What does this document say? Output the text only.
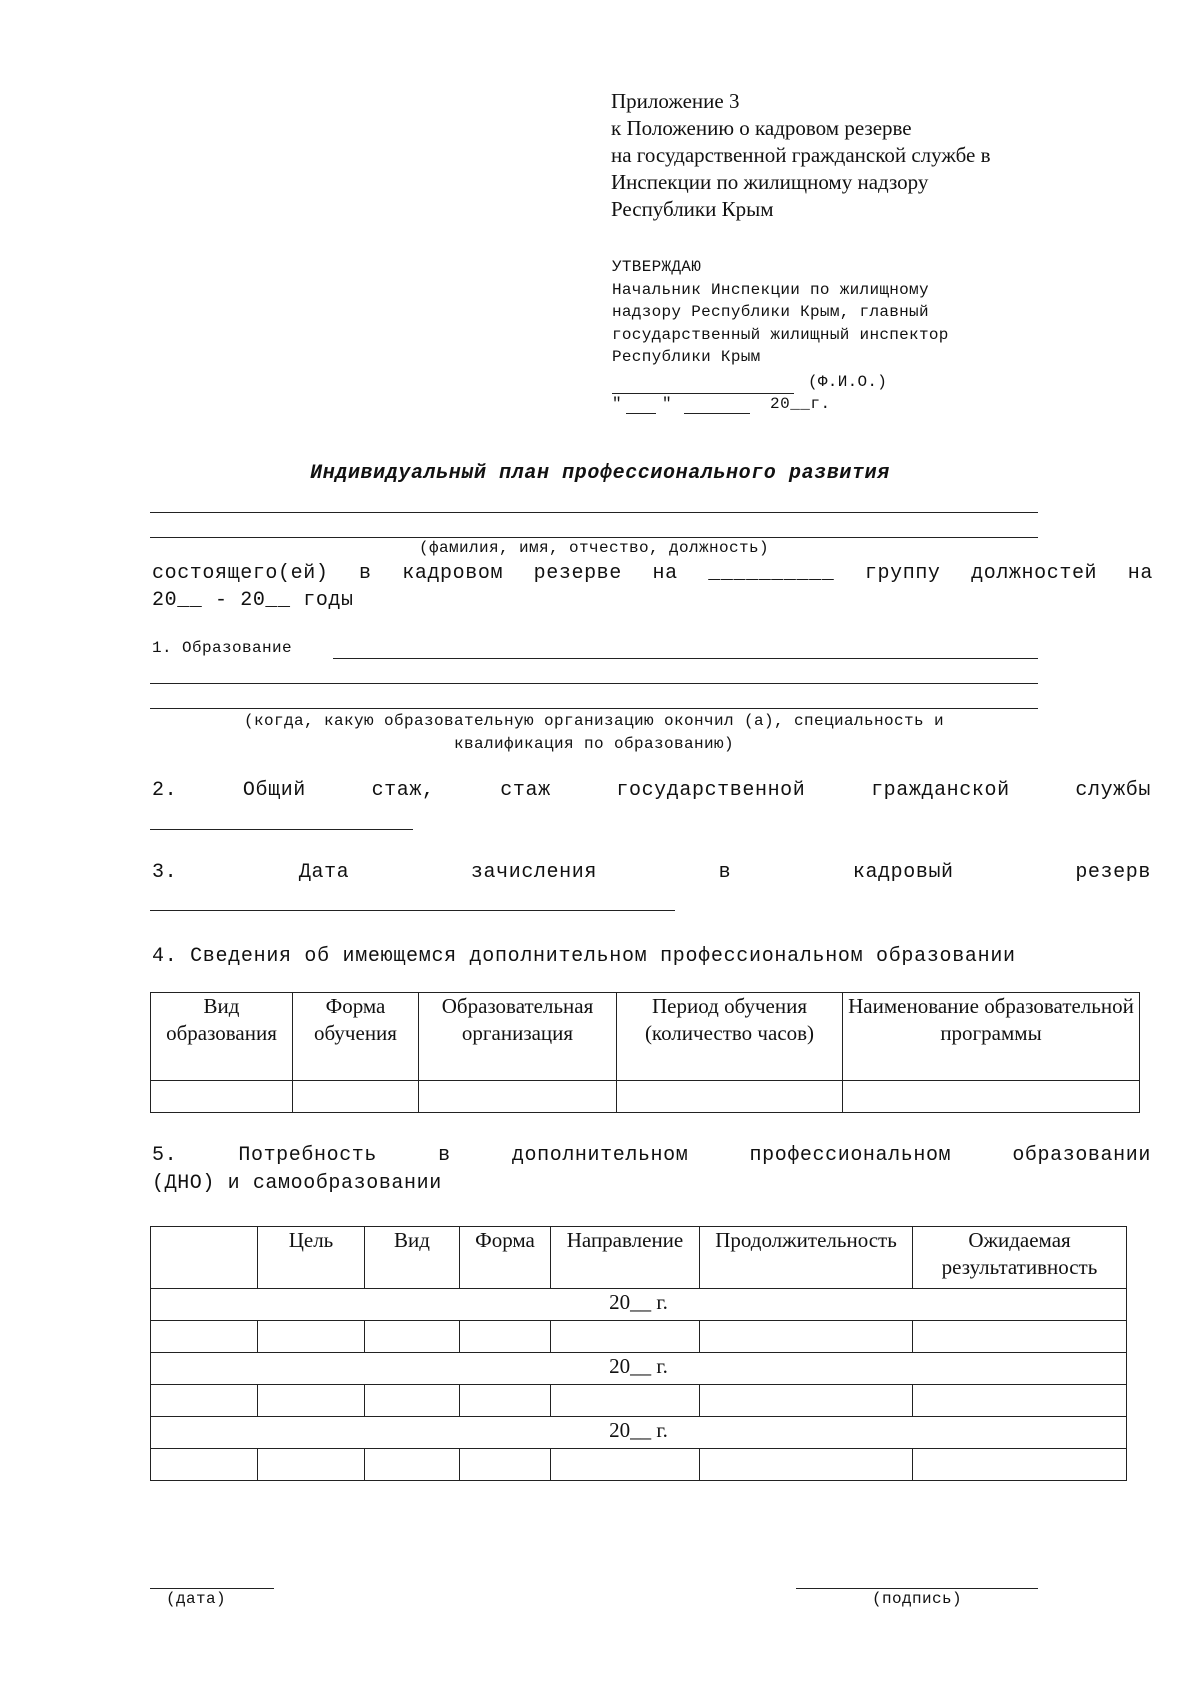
Приложение 3
к Положению о кадровом резерве
на государственной гражданской службе в
Инспекции по жилищному надзору
Республики Крым
УТВЕРЖДАЮ
Начальник Инспекции по жилищному
надзору Республики Крым, главный
государственный жилищный инспектор
Республики Крым
(Ф.И.О.)
"	"	20__г.
Индивидуальный план профессионального развития
(фамилия, имя, отчество, должность)
состоящего(ей) в кадровом резерве на __________ группу должностей на
20__ - 20__ годы
1. Образование
(когда, какую образовательную организацию окончил (а), специальность и
квалификация по образованию)
2.	Общий	стаж,	стаж	государственной	гражданской	службы
3.	Дата	зачисления	в	кадровый	резерв
4. Сведения об имеющемся дополнительном профессиональном образовании
Вид образования	Форма обучения	Образовательная организация	Период обучения (количество часов)	Наименование образовательной программы

5.	Потребность	в	дополнительном	профессиональном	образовании
(ДНО) и самообразовании
	Цель	Вид	Форма	Направление	Продолжительность	Ожидаемая результативность
20__ г.						

20__ г.						

20__ г.						

(дата)	(подпись)
